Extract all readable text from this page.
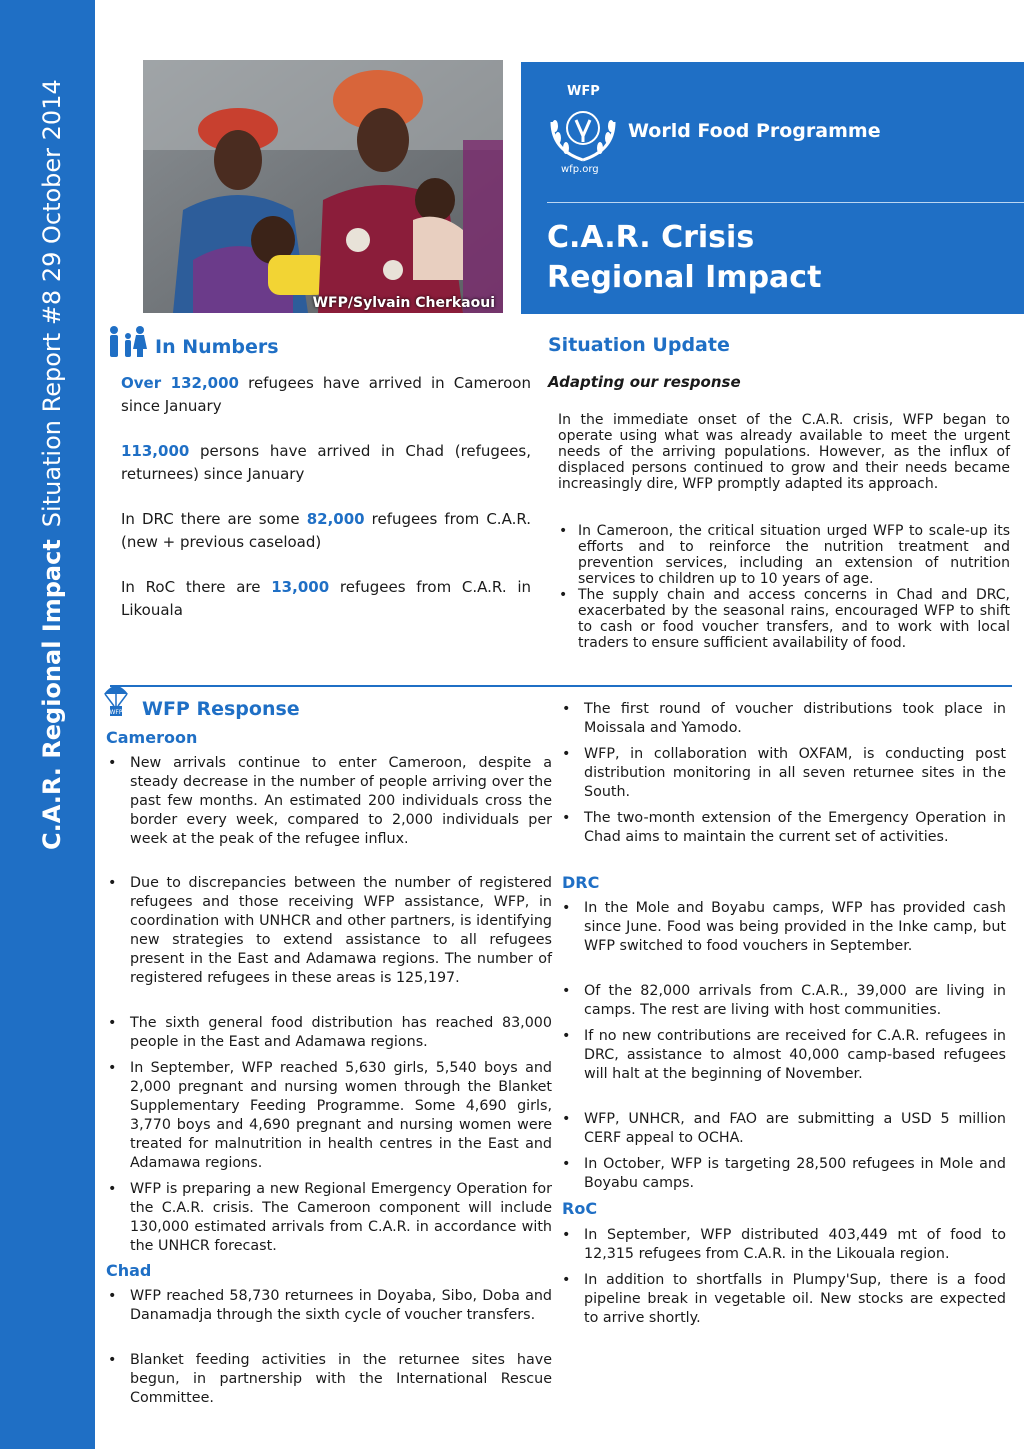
C.A.R. Regional ImpactSituation Report #8 29 October 2014	WFP/Sylvain Cherkaoui
WFP
World Food Programme
wfp.org
C.A.R. Crisis
Regional Impact
In Numbers

Over 132,000 refugees have arrived in Cameroon since January

113,000 persons have arrived in Chad (refugees, returnees) since January

In DRC there are some 82,000 refugees from C.A.R. (new + previous caseload)

In RoC there are 13,000 refugees from C.A.R. in Likouala

Situation Update
Adapting our response
In the immediate onset of the C.A.R. crisis, WFP began to operate using what was already available to meet the urgent needs of the arriving populations. However, as the influx of displaced persons continued to grow and their needs became increasingly dire, WFP promptly adapted its approach.
• In Cameroon, the critical situation urged WFP to scale-up its efforts and to reinforce the nutrition treatment and prevention services, including an extension of nutrition services to children up to 10 years of age.
• The supply chain and access concerns in Chad and DRC, exacerbated by the seasonal rains, encouraged WFP to shift to cash or food voucher transfers, and to work with local traders to ensure sufficient availability of food.
WFP WFP Response
Cameroon
• New arrivals continue to enter Cameroon, despite a steady decrease in the number of people arriving over the past few months. An estimated 200 individuals cross the border every week, compared to 2,000 individuals per week at the peak of the refugee influx.
• Due to discrepancies between the number of registered refugees and those receiving WFP assistance, WFP, in coordination with UNHCR and other partners, is identifying new strategies to extend assistance to all refugees present in the East and Adamawa regions. The number of registered refugees in these areas is 125,197.
• The sixth general food distribution has reached 83,000 people in the East and Adamawa regions.
• In September, WFP reached 5,630 girls, 5,540 boys and 2,000 pregnant and nursing women through the Blanket Supplementary Feeding Programme. Some 4,690 girls, 3,770 boys and 4,690 pregnant and nursing women were treated for malnutrition in health centres in the East and Adamawa regions.
• WFP is preparing a new Regional Emergency Operation for the C.A.R. crisis. The Cameroon component will include 130,000 estimated arrivals from C.A.R. in accordance with the UNHCR forecast.
Chad
• WFP reached 58,730 returnees in Doyaba, Sibo, Doba and Danamadja through the sixth cycle of voucher transfers.
• Blanket feeding activities in the returnee sites have begun, in partnership with the International Rescue Committee.
• The first round of voucher distributions took place in Moissala and Yamodo.
• WFP, in collaboration with OXFAM, is conducting post distribution monitoring in all seven returnee sites in the South.
• The two-month extension of the Emergency Operation in Chad aims to maintain the current set of activities.
DRC
• In the Mole and Boyabu camps, WFP has provided cash since June. Food was being provided in the Inke camp, but WFP switched to food vouchers in September.
• Of the 82,000 arrivals from C.A.R., 39,000 are living in camps. The rest are living with host communities.
• If no new contributions are received for C.A.R. refugees in DRC, assistance to almost 40,000 camp-based refugees will halt at the beginning of November.
• WFP, UNHCR, and FAO are submitting a USD 5 million CERF appeal to OCHA.
• In October, WFP is targeting 28,500 refugees in Mole and Boyabu camps.
RoC
• In September, WFP distributed 403,449 mt of food to 12,315 refugees from C.A.R. in the Likouala region.
• In addition to shortfalls in Plumpy'Sup, there is a food pipeline break in vegetable oil. New stocks are expected to arrive shortly.
